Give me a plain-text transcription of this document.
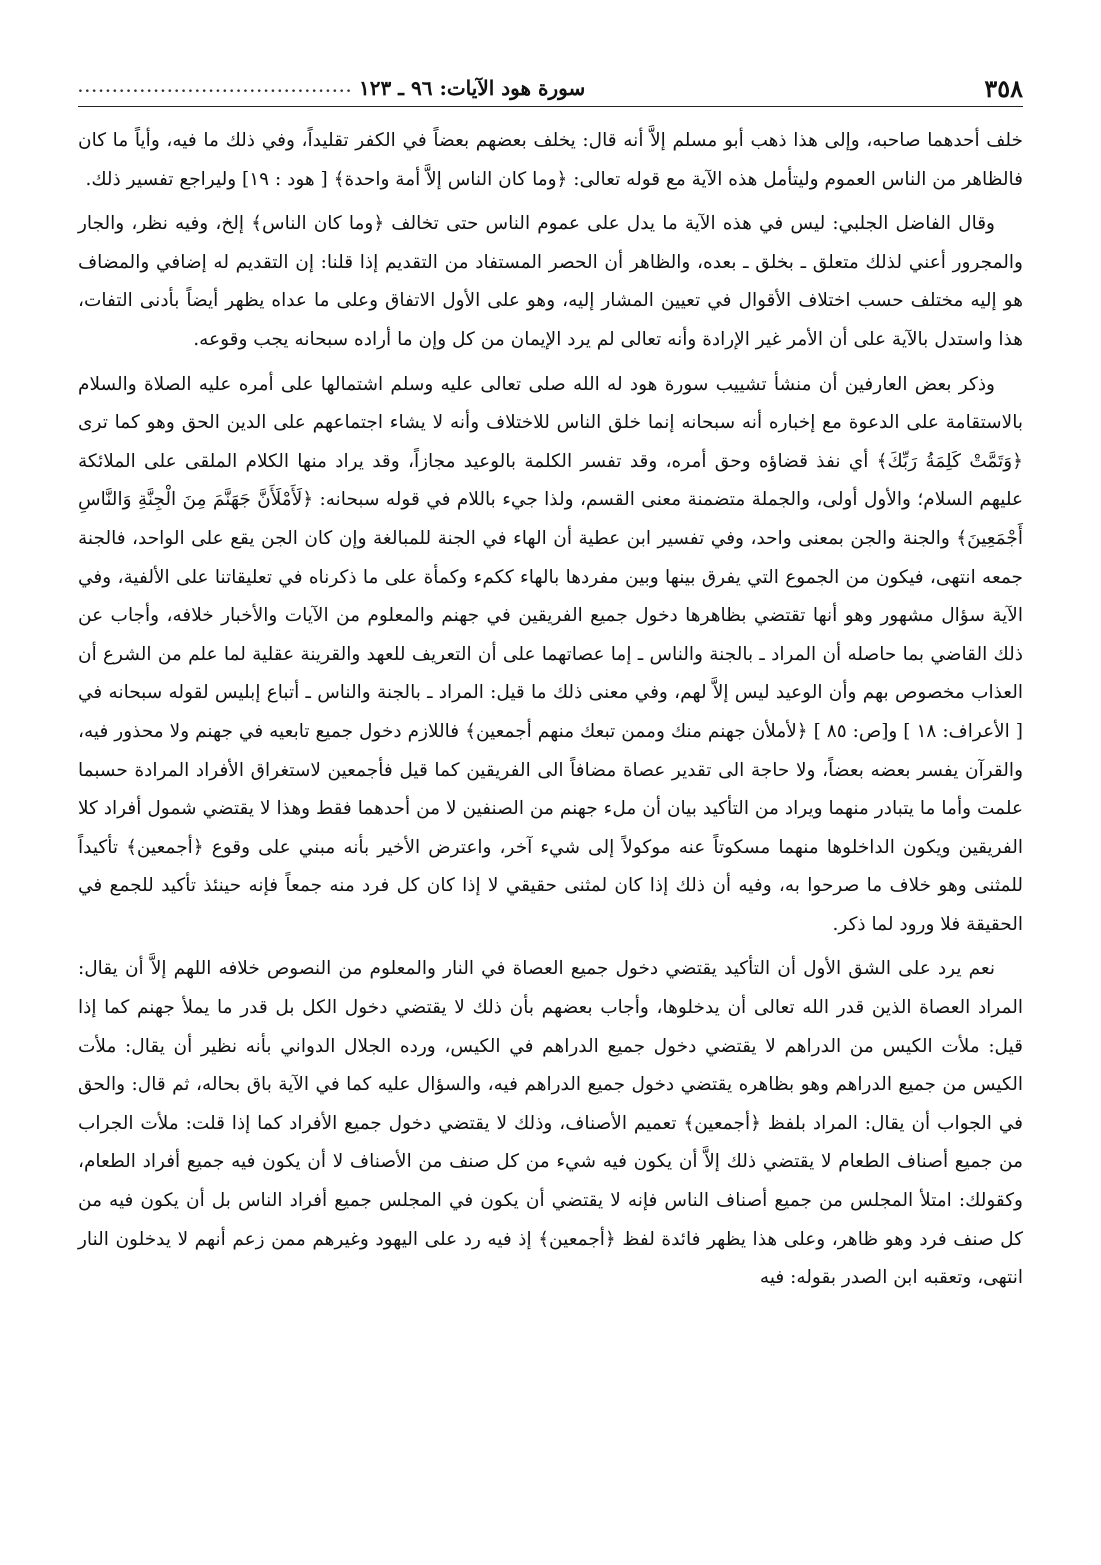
٣٥٨
سورة هود الآيات: ٩٦ ـ ١٢٣
........................................

خلف أحدهما صاحبه، وإلى هذا ذهب أبو مسلم إلاَّ أنه قال: يخلف بعضهم بعضاً في الكفر تقليداً، وفي ذلك ما فيه، وأياً ما كان فالظاهر من الناس العموم وليتأمل هذه الآية مع قوله تعالى: ﴿وما كان الناس إلاَّ أمة واحدة﴾ [ هود : ١٩] وليراجع تفسير ذلك.

وقال الفاضل الجلبي: ليس في هذه الآية ما يدل على عموم الناس حتى تخالف ﴿وما كان الناس﴾ إلخ، وفيه نظر، والجار والمجرور أعني لذلك متعلق ـ بخلق ـ بعده، والظاهر أن الحصر المستفاد من التقديم إذا قلنا: إن التقديم له إضافي والمضاف هو إليه مختلف حسب اختلاف الأقوال في تعيين المشار إليه، وهو على الأول الاتفاق وعلى ما عداه يظهر أيضاً بأدنى التفات، هذا واستدل بالآية على أن الأمر غير الإرادة وأنه تعالى لم يرد الإيمان من كل وإن ما أراده سبحانه يجب وقوعه.

وذكر بعض العارفين أن منشأ تشييب سورة هود له الله صلى تعالى عليه وسلم اشتمالها على أمره عليه الصلاة والسلام بالاستقامة على الدعوة مع إخباره أنه سبحانه إنما خلق الناس للاختلاف وأنه لا يشاء اجتماعهم على الدين الحق وهو كما ترى ﴿وَتَمَّتْ كَلِمَةُ رَبِّكَ﴾ أي نفذ قضاؤه وحق أمره، وقد تفسر الكلمة بالوعيد مجازاً، وقد يراد منها الكلام الملقى على الملائكة عليهم السلام؛ والأول أولى، والجملة متضمنة معنى القسم، ولذا جيء باللام في قوله سبحانه: ﴿لَأَمْلَأَنَّ جَهَنَّمَ مِنَ الْجِنَّةِ وَالنَّاسِ أَجْمَعِينَ﴾ والجنة والجن بمعنى واحد، وفي تفسير ابن عطية أن الهاء في الجنة للمبالغة وإن كان الجن يقع على الواحد، فالجنة جمعه انتهى، فيكون من الجموع التي يفرق بينها وبين مفردها بالهاء ككمء وكمأة على ما ذكرناه في تعليقاتنا على الألفية، وفي الآية سؤال مشهور وهو أنها تقتضي بظاهرها دخول جميع الفريقين في جهنم والمعلوم من الآيات والأخبار خلافه، وأجاب عن ذلك القاضي بما حاصله أن المراد ـ بالجنة والناس ـ إما عصاتهما على أن التعريف للعهد والقرينة عقلية لما علم من الشرع أن العذاب مخصوص بهم وأن الوعيد ليس إلاَّ لهم، وفي معنى ذلك ما قيل: المراد ـ بالجنة والناس ـ أتباع إبليس لقوله سبحانه في [ الأعراف: ١٨ ] و[ص: ٨٥ ] ﴿لأملأن جهنم منك وممن تبعك منهم أجمعين﴾ فاللازم دخول جميع تابعيه في جهنم ولا محذور فيه، والقرآن يفسر بعضه بعضاً، ولا حاجة الى تقدير عصاة مضافاً الى الفريقين كما قيل فأجمعين لاستغراق الأفراد المرادة حسبما علمت وأما ما يتبادر منهما ويراد من التأكيد بيان أن ملء جهنم من الصنفين لا من أحدهما فقط وهذا لا يقتضي شمول أفراد كلا الفريقين ويكون الداخلوها منهما مسكوتاً عنه موكولاً إلى شيء آخر، واعترض الأخير بأنه مبني على وقوع ﴿أجمعين﴾ تأكيداً للمثنى وهو خلاف ما صرحوا به، وفيه أن ذلك إذا كان لمثنى حقيقي لا إذا كان كل فرد منه جمعاً فإنه حينئذ تأكيد للجمع في الحقيقة فلا ورود لما ذكر.

نعم يرد على الشق الأول أن التأكيد يقتضي دخول جميع العصاة في النار والمعلوم من النصوص خلافه اللهم إلاَّ أن يقال: المراد العصاة الذين قدر الله تعالى أن يدخلوها، وأجاب بعضهم بأن ذلك لا يقتضي دخول الكل بل قدر ما يملأ جهنم كما إذا قيل: ملأت الكيس من الدراهم لا يقتضي دخول جميع الدراهم في الكيس، ورده الجلال الدواني بأنه نظير أن يقال: ملأت الكيس من جميع الدراهم وهو بظاهره يقتضي دخول جميع الدراهم فيه، والسؤال عليه كما في الآية باق بحاله، ثم قال: والحق في الجواب أن يقال: المراد بلفظ ﴿أجمعين﴾ تعميم الأصناف، وذلك لا يقتضي دخول جميع الأفراد كما إذا قلت: ملأت الجراب من جميع أصناف الطعام لا يقتضي ذلك إلاَّ أن يكون فيه شيء من كل صنف من الأصناف لا أن يكون فيه جميع أفراد الطعام، وكقولك: امتلأ المجلس من جميع أصناف الناس فإنه لا يقتضي أن يكون في المجلس جميع أفراد الناس بل أن يكون فيه من كل صنف فرد وهو ظاهر، وعلى هذا يظهر فائدة لفظ ﴿أجمعين﴾ إذ فيه رد على اليهود وغيرهم ممن زعم أنهم لا يدخلون النار انتهى، وتعقبه ابن الصدر بقوله: فيه
